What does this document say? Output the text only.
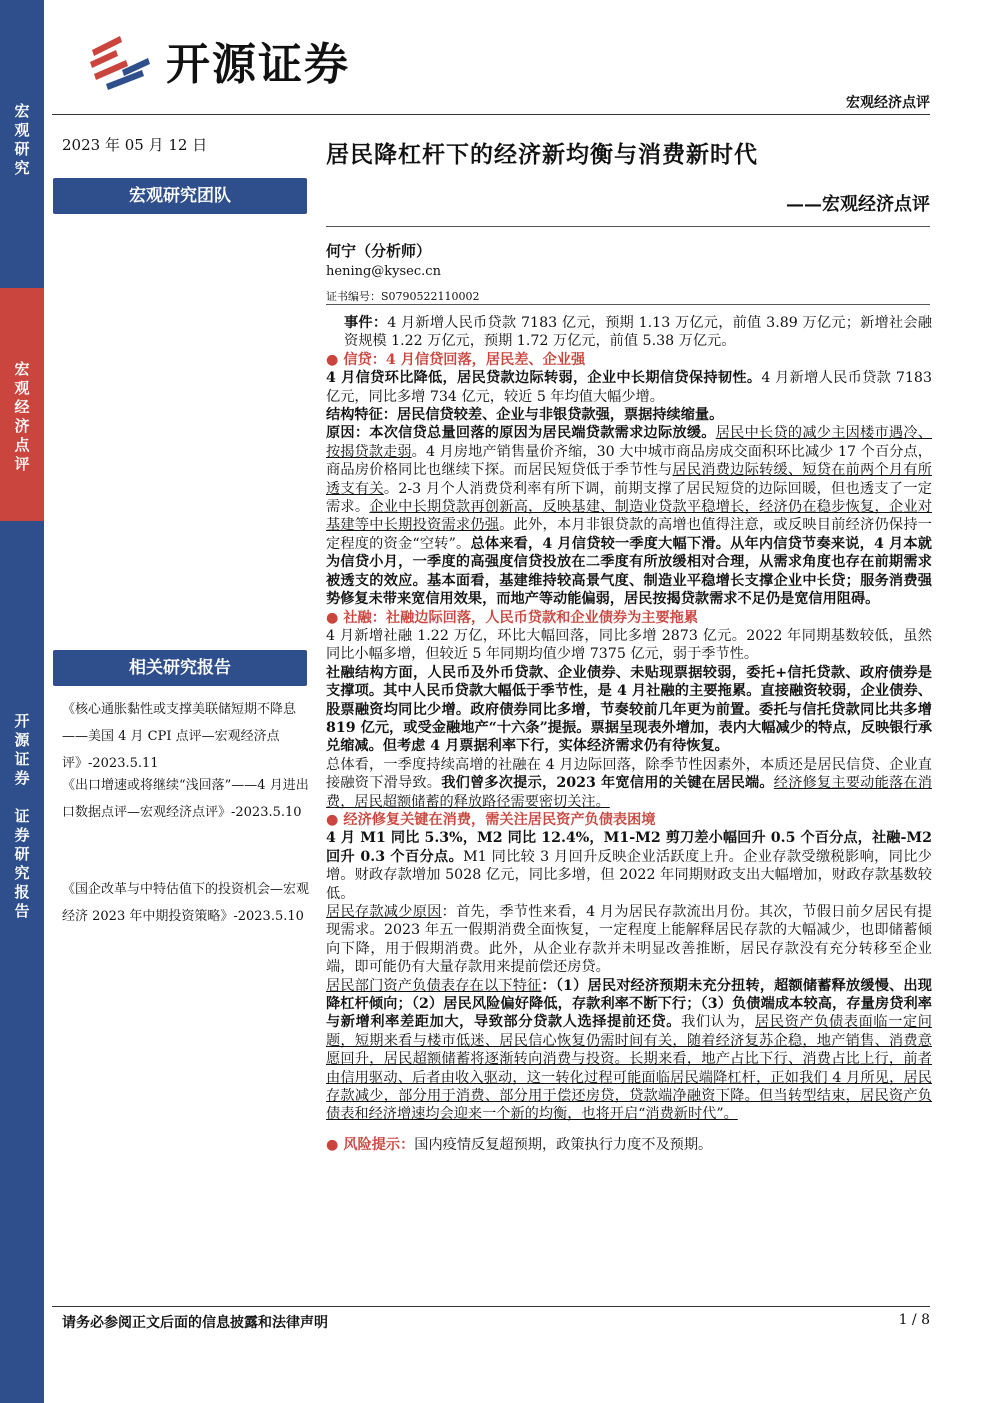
宏
观
研
究
宏
观
经
济
点
评
开
源
证
券

证
券
研
究
报
告
开源证券
宏观经济点评
2023 年 05 月 12 日
宏观研究团队
相关研究报告
《核心通胀黏性或支撑美联储短期不降息——美国 4 月 CPI 点评—宏观经济点评》-2023.5.11
《出口增速或将继续“浅回落”——4 月进出口数据点评—宏观经济点评》-2023.5.10
《国企改革与中特估值下的投资机会—宏观经济 2023 年中期投资策略》-2023.5.10
居民降杠杆下的经济新均衡与消费新时代
——宏观经济点评
何宁（分析师）
hening@kysec.cn
证书编号：S0790522110002

事件：4 月新增人民币贷款 7183 亿元，预期 1.13 万亿元，前值 3.89 万亿元；新增社会融资规模 1.22 万亿元，预期 1.72 万亿元，前值 5.38 万亿元。

● 信贷：4 月信贷回落，居民差、企业强

4 月信贷环比降低，居民贷款边际转弱，企业中长期信贷保持韧性。4 月新增人民币贷款 7183 亿元，同比多增 734 亿元，较近 5 年均值大幅少增。

结构特征：居民信贷较差、企业与非银贷款强，票据持续缩量。

原因：本次信贷总量回落的原因为居民端贷款需求边际放缓。居民中长贷的减少主因楼市遇冷、按揭贷款走弱。4 月房地产销售量价齐缩，30 大中城市商品房成交面积环比减少 17 个百分点，商品房价格同比也继续下探。而居民短贷低于季节性与居民消费边际转缓、短贷在前两个月有所透支有关。2-3 月个人消费贷利率有所下调，前期支撑了居民短贷的边际回暖，但也透支了一定需求。企业中长期贷款再创新高，反映基建、制造业贷款平稳增长，经济仍在稳步恢复，企业对基建等中长期投资需求仍强。此外，本月非银贷款的高增也值得注意，或反映目前经济仍保持一定程度的资金“空转”。总体来看，4 月信贷较一季度大幅下滑。从年内信贷节奏来说，4 月本就为信贷小月，一季度的高强度信贷投放在二季度有所放缓相对合理，从需求角度也存在前期需求被透支的效应。基本面看，基建维持较高景气度、制造业平稳增长支撑企业中长贷；服务消费强势修复未带来宽信用效果，而地产等动能偏弱，居民按揭贷款需求不足仍是宽信用阻碍。

● 社融：社融边际回落，人民币贷款和企业债券为主要拖累

4 月新增社融 1.22 万亿，环比大幅回落，同比多增 2873 亿元。2022 年同期基数较低，虽然同比小幅多增，但较近 5 年同期均值少增 7375 亿元，弱于季节性。

社融结构方面，人民币及外币贷款、企业债券、未贴现票据较弱，委托+信托贷款、政府债券是支撑项。其中人民币贷款大幅低于季节性，是 4 月社融的主要拖累。直接融资较弱，企业债券、股票融资均同比少增。政府债券同比多增，节奏较前几年更为前置。委托与信托贷款同比共多增 819 亿元，或受金融地产“十六条”提振。票据呈现表外增加，表内大幅减少的特点，反映银行承兑缩减。但考虑 4 月票据利率下行，实体经济需求仍有待恢复。

总体看，一季度持续高增的社融在 4 月边际回落，除季节性因素外，本质还是居民信贷、企业直接融资下滑导致。我们曾多次提示，2023 年宽信用的关键在居民端。经济修复主要动能落在消费，居民超额储蓄的释放路径需要密切关注。

● 经济修复关键在消费，需关注居民资产负债表困境

4 月 M1 同比 5.3%，M2 同比 12.4%，M1-M2 剪刀差小幅回升 0.5 个百分点，社融-M2 回升 0.3 个百分点。M1 同比较 3 月回升反映企业活跃度上升。企业存款受缴税影响，同比少增。财政存款增加 5028 亿元，同比多增，但 2022 年同期财政支出大幅增加，财政存款基数较低。

居民存款减少原因：首先，季节性来看，4 月为居民存款流出月份。其次，节假日前夕居民有提现需求。2023 年五一假期消费全面恢复，一定程度上能解释居民存款的大幅减少，也即储蓄倾向下降，用于假期消费。此外，从企业存款并未明显改善推断，居民存款没有充分转移至企业端，即可能仍有大量存款用来提前偿还房贷。

居民部门资产负债表存在以下特征：（1）居民对经济预期未充分扭转，超额储蓄释放缓慢、出现降杠杆倾向；（2）居民风险偏好降低，存款利率不断下行；（3）负债端成本较高，存量房贷利率与新增利率差距加大，导致部分贷款人选择提前还贷。我们认为，居民资产负债表面临一定问题，短期来看与楼市低迷、居民信心恢复仍需时间有关，随着经济复苏企稳，地产销售、消费意愿回升，居民超额储蓄将逐渐转向消费与投资。长期来看，地产占比下行、消费占比上行，前者由信用驱动、后者由收入驱动，这一转化过程可能面临居民端降杠杆，正如我们 4 月所见，居民存款减少，部分用于消费、部分用于偿还房贷，贷款端净融资下降。但当转型结束，居民资产负债表和经济增速均会迎来一个新的均衡，也将开启“消费新时代”。

● 风险提示：国内疫情反复超预期，政策执行力度不及预期。

请务必参阅正文后面的信息披露和法律声明	1 / 8
